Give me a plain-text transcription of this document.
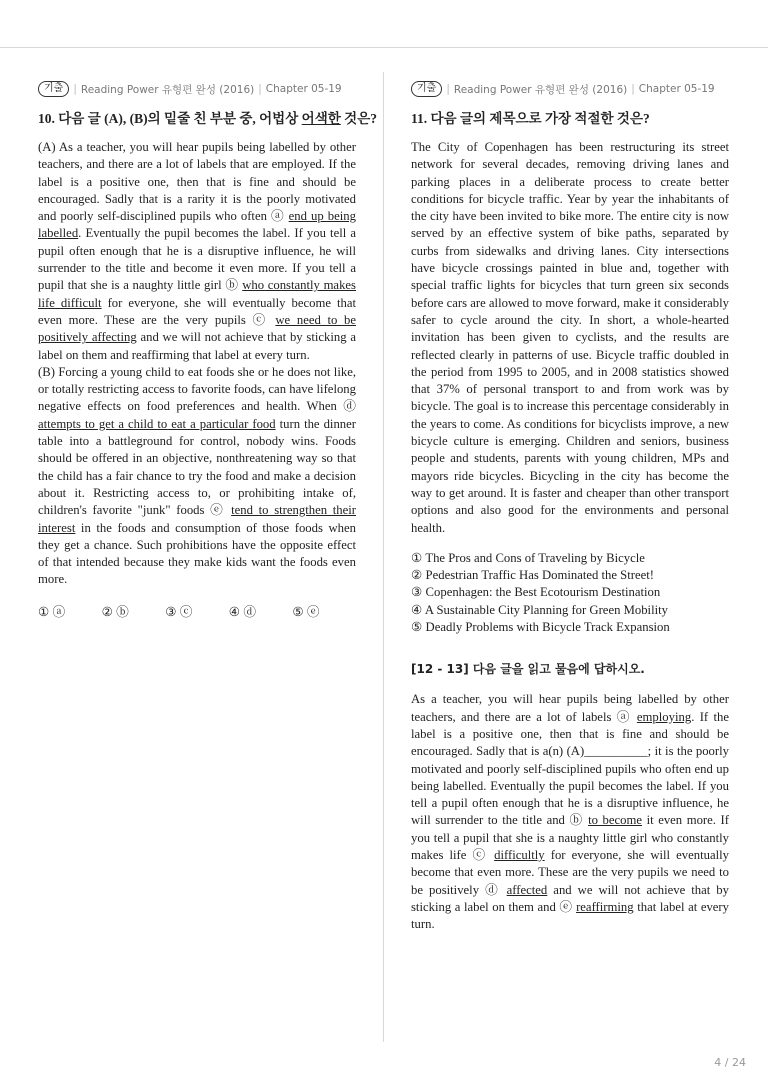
기출 | Reading Power 유형편 완성 (2016) | Chapter 05-19
10. 다음 글 (A), (B)의 밑줄 친 부분 중, 어법상 어색한 것은?

(A) As a teacher, you will hear pupils being labelled by other teachers, and there are a lot of labels that are employed. If the label is a positive one, then that is fine and should be encouraged. Sadly that is a rarity it is the poorly motivated and poorly self-disciplined pupils who often ⓐ end up being labelled. Eventually the pupil becomes the label. If you tell a pupil often enough that he is a disruptive influence, he will surrender to the title and become it even more. If you tell a pupil that she is a naughty little girl ⓑ who constantly makes life difficult for everyone, she will eventually become that even more. These are the very pupils ⓒ we need to be positively affecting and we will not achieve that by sticking a label on them and reaffirming that label at every turn.

(B) Forcing a young child to eat foods she or he does not like, or totally restricting access to favorite foods, can have lifelong negative effects on food preferences and health. When ⓓ attempts to get a child to eat a particular food turn the dinner table into a battleground for control, nobody wins. Foods should be offered in an objective, nonthreatening way so that the child has a fair chance to try the food and make a decision about it. Restricting access to, or prohibiting intake of, children's favorite "junk" foods ⓔ tend to strengthen their interest in the foods and consumption of those foods when they get a chance. Such prohibitions have the opposite effect of that intended because they make kids want the foods even more.

① ⓐ	② ⓑ	③ ⓒ	④ ⓓ	⑤ ⓔ
기출 | Reading Power 유형편 완성 (2016) | Chapter 05-19
11. 다음 글의 제목으로 가장 적절한 것은?

The City of Copenhagen has been restructuring its street network for several decades, removing driving lanes and parking places in a deliberate process to create better conditions for bicycle traffic. Year by year the inhabitants of the city have been invited to bike more. The entire city is now served by an effective system of bike paths, separated by curbs from sidewalks and driving lanes. City intersections have bicycle crossings painted in blue and, together with special traffic lights for bicycles that turn green six seconds before cars are allowed to move forward, make it considerably safer to cycle around the city. In short, a whole-hearted invitation has been given to cyclists, and the results are reflected clearly in patterns of use. Bicycle traffic doubled in the period from 1995 to 2005, and in 2008 statistics showed that 37% of personal transport to and from work was by bicycle. The goal is to increase this percentage considerably in the years to come. As conditions for bicyclists improve, a new bicycle culture is emerging. Children and seniors, business people and students, parents with young children, MPs and mayors ride bicycles. Bicycling in the city has become the way to get around. It is faster and cheaper than other transport options and also good for the environments and personal health.

① The Pros and Cons of Traveling by Bicycle
② Pedestrian Traffic Has Dominated the Street!
③ Copenhagen: the Best Ecotourism Destination
④ A Sustainable City Planning for Green Mobility
⑤ Deadly Problems with Bicycle Track Expansion
[12 - 13] 다음 글을 읽고 물음에 답하시오.

As a teacher, you will hear pupils being labelled by other teachers, and there are a lot of labels ⓐ employing. If the label is a positive one, then that is fine and should be encouraged. Sadly that is a(n) (A)__________; it is the poorly motivated and poorly self-disciplined pupils who often end up being labelled. Eventually the pupil becomes the label. If you tell a pupil often enough that he is a disruptive influence, he will surrender to the title and ⓑ to become it even more. If you tell a pupil that she is a naughty little girl who constantly makes life ⓒ difficultly for everyone, she will eventually become that even more. These are the very pupils we need to be positively ⓓ affected and we will not achieve that by sticking a label on them and ⓔ reaffirming that label at every turn.

4 / 24
